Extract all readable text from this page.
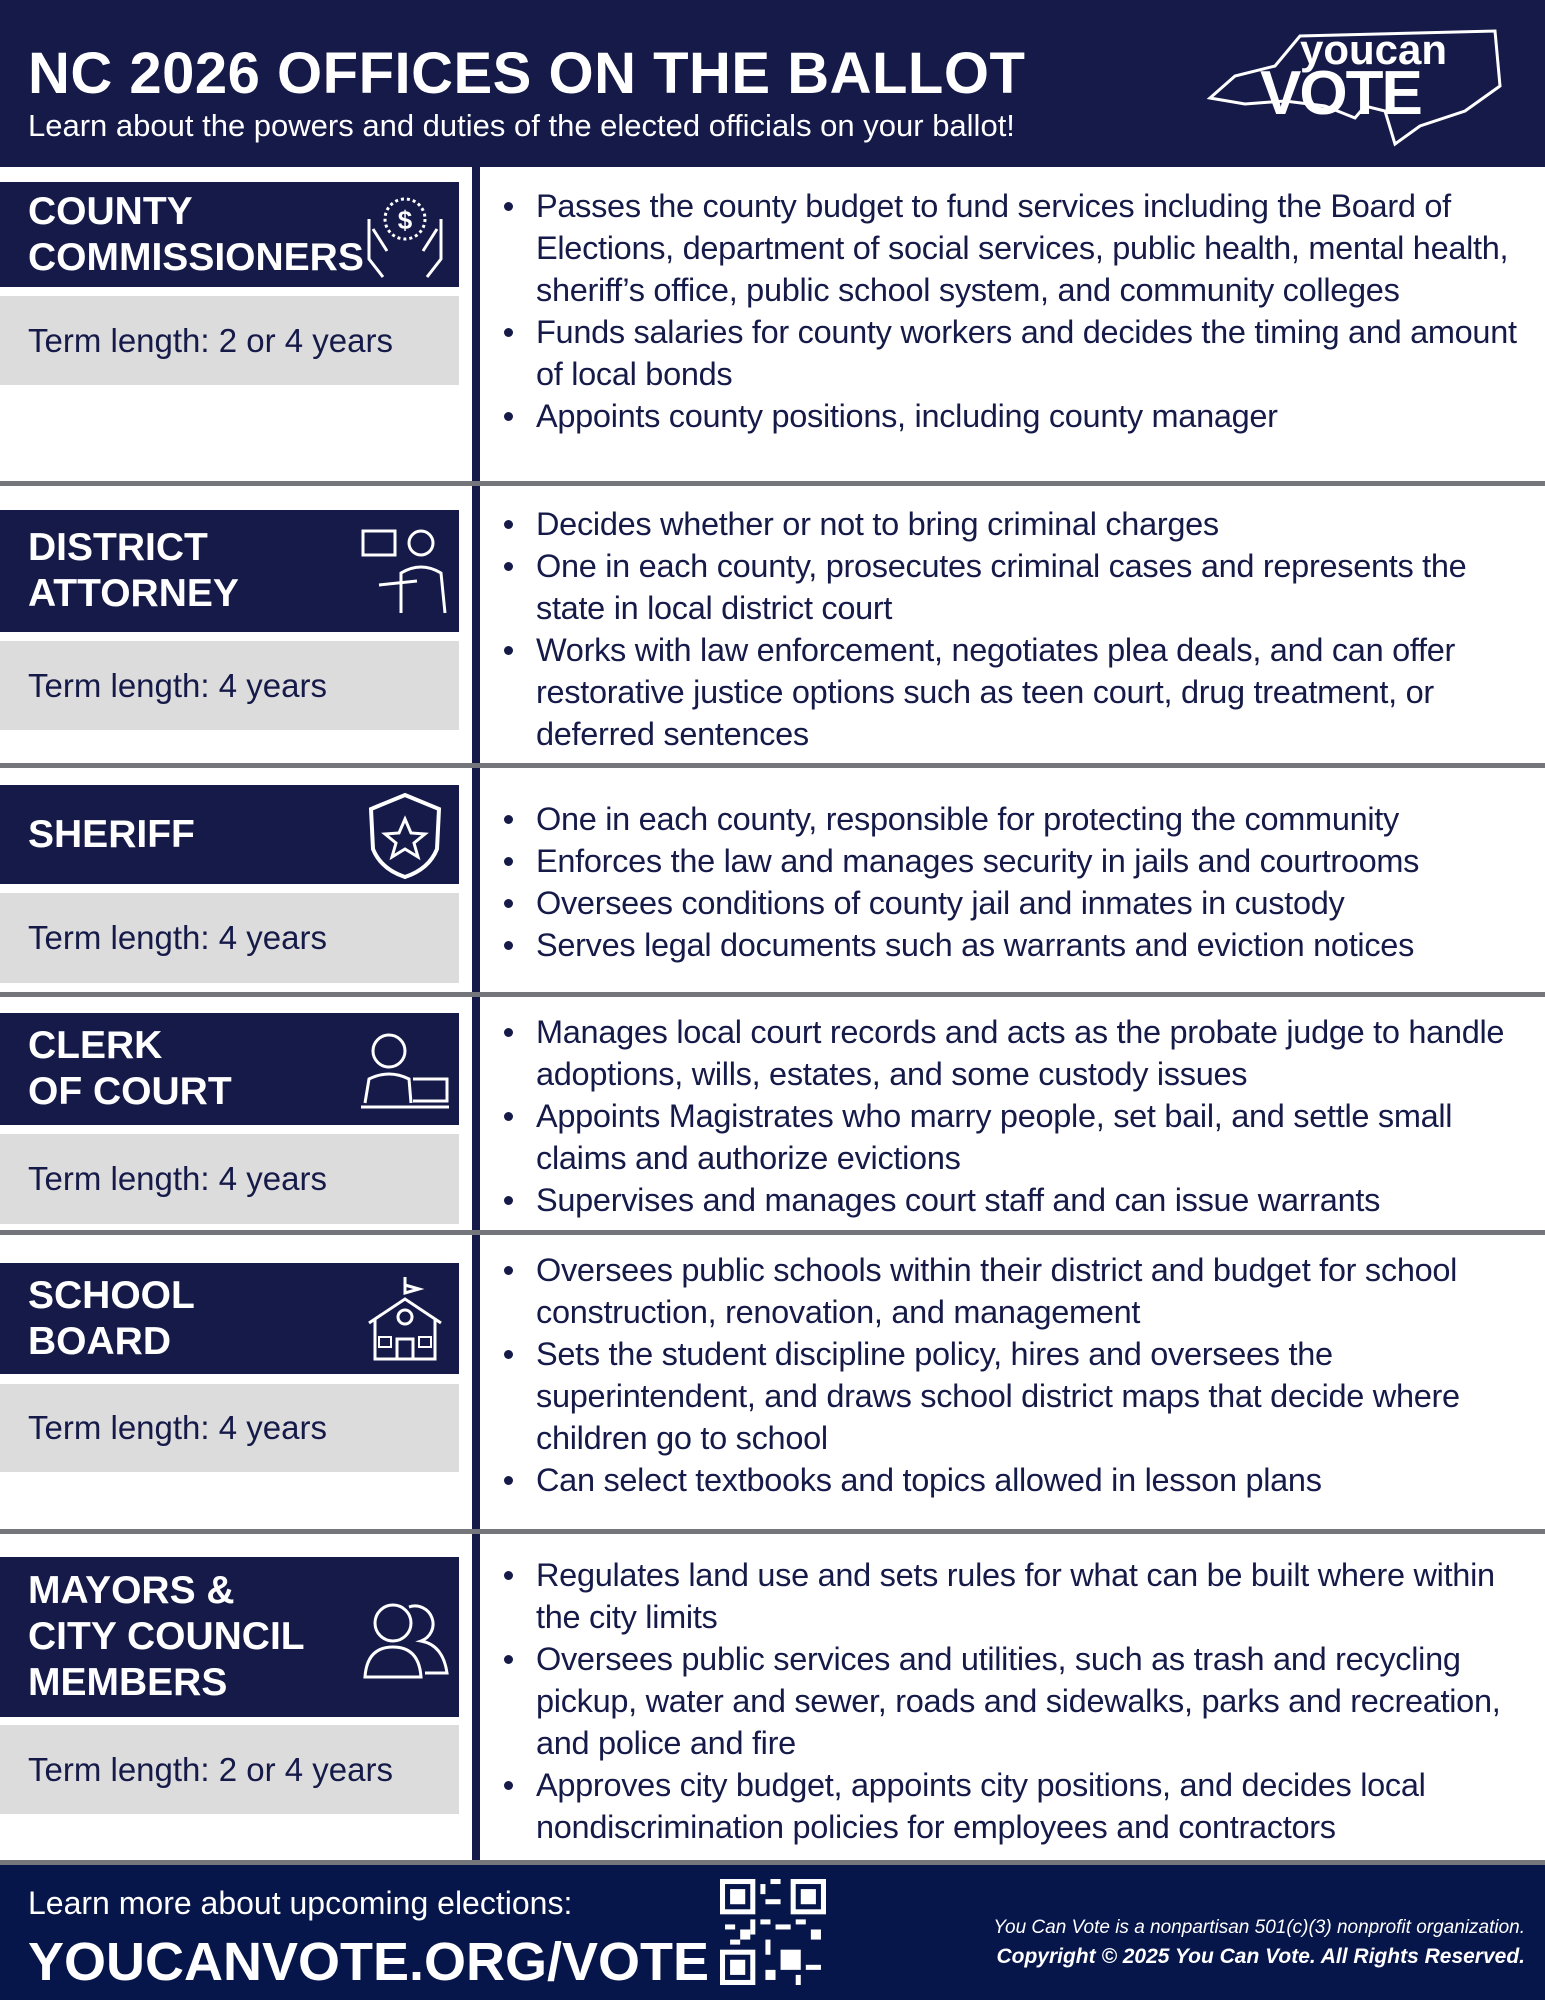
NC 2026 OFFICES ON THE BALLOT
Learn about the powers and duties of the elected officials on your ballot!
youcan
VOTE
COUNTY
COMMISSIONERS
$
Term length: 2 or 4 years
Passes the county budget to fund services including the Board of Elections, department of social services, public health, mental health, sheriff’s office, public school system, and community colleges
Funds salaries for county workers and decides the timing and amount of local bonds
Appoints county positions, including county manager
DISTRICT
ATTORNEY
Term length: 4 years
Decides whether or not to bring criminal charges
One in each county, prosecutes criminal cases and represents the state in local district court
Works with law enforcement, negotiates plea deals, and can offer restorative justice options such as teen court, drug treatment, or deferred sentences
SHERIFF
Term length: 4 years
One in each county, responsible for protecting the community
Enforces the law and manages security in jails and courtrooms
Oversees conditions of county jail and inmates in custody
Serves legal documents such as warrants and eviction notices
CLERK
OF COURT
Term length: 4 years
Manages local court records and acts as the probate judge to handle adoptions, wills, estates, and some custody issues
Appoints Magistrates who marry people, set bail, and settle small claims and authorize evictions
Supervises and manages court staff and can issue warrants
SCHOOL
BOARD
Term length: 4 years
Oversees public schools within their district and budget for school construction, renovation, and management
Sets the student discipline policy, hires and oversees the superintendent, and draws school district maps that decide where children go to school
Can select textbooks and topics allowed in lesson plans
MAYORS &
CITY COUNCIL
MEMBERS
Term length: 2 or 4 years
Regulates land use and sets rules for what can be built where within the city limits
Oversees public services and utilities, such as trash and recycling pickup, water and sewer, roads and sidewalks, parks and recreation, and police and fire
Approves city budget, appoints city positions, and decides local nondiscrimination policies for employees and contractors
Learn more about upcoming elections:
YOUCANVOTE.ORG/VOTE
You Can Vote is a nonpartisan 501(c)(3) nonprofit organization.
Copyright © 2025 You Can Vote. All Rights Reserved.
